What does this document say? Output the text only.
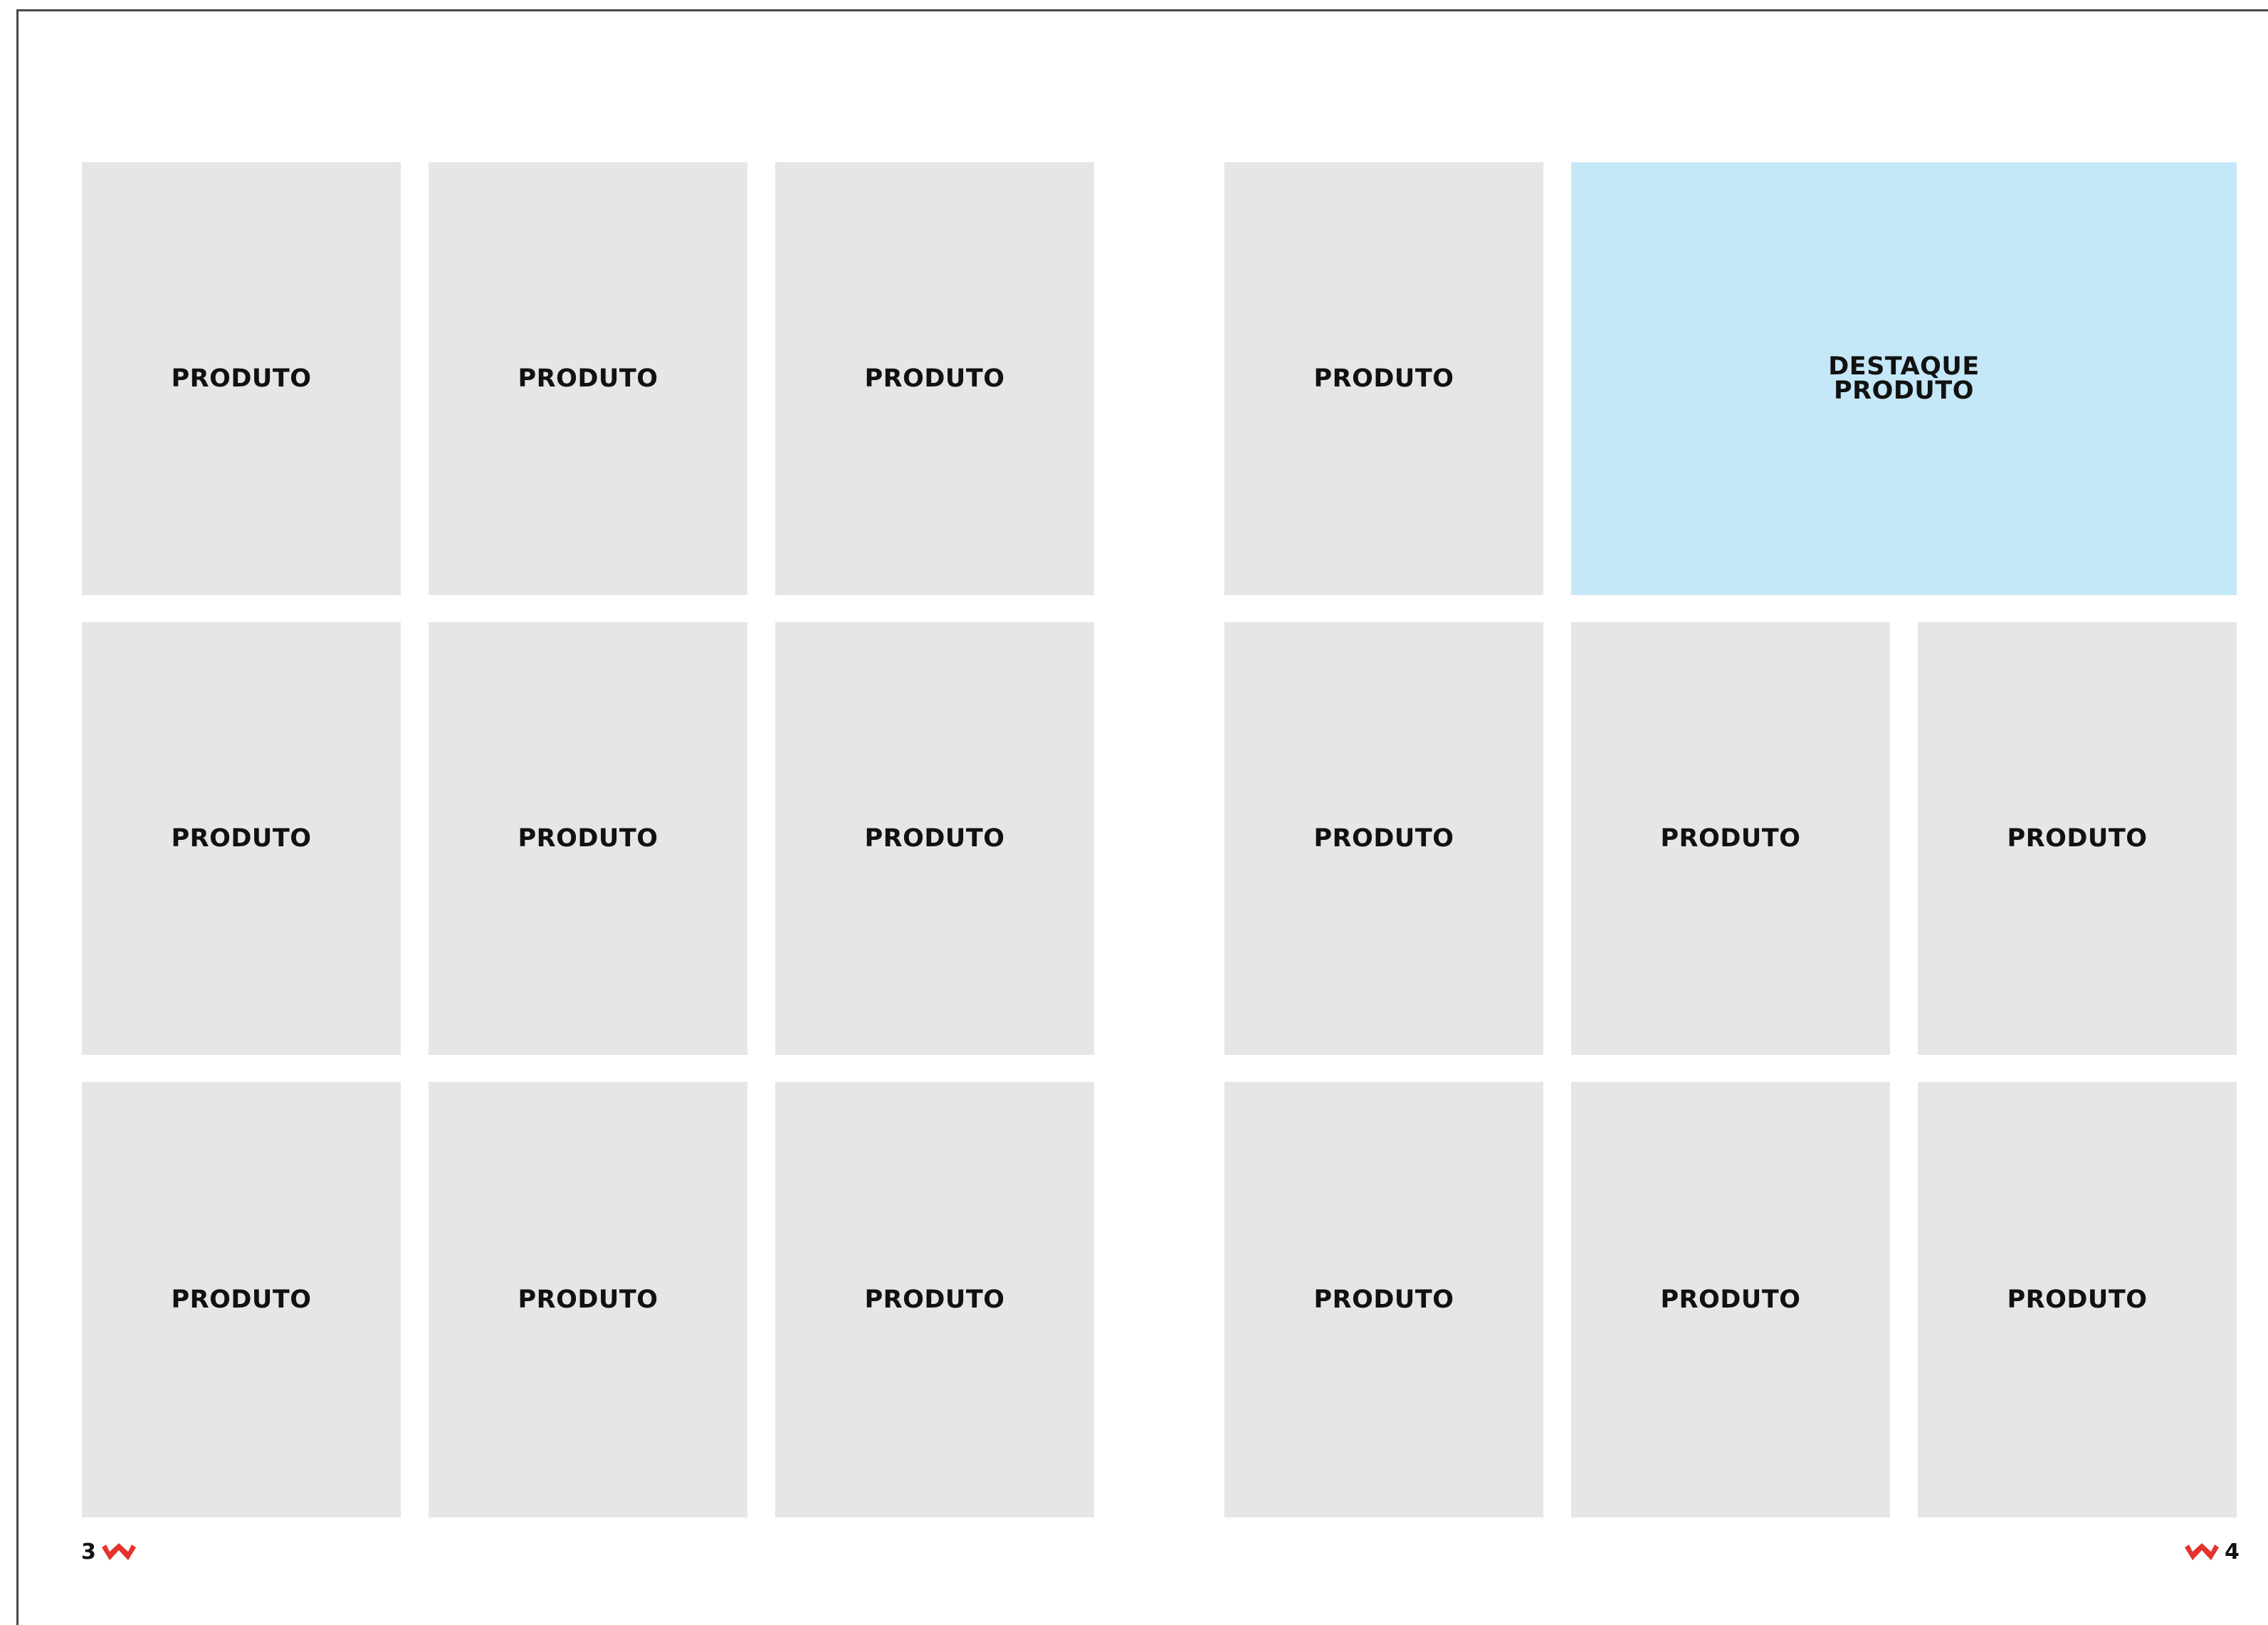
PRODUTO	PRODUTO	PRODUTO
PRODUTO	PRODUTO	PRODUTO
PRODUTO	PRODUTO	PRODUTO
PRODUTO	DESTAQUE
PRODUTO
PRODUTO	PRODUTO	PRODUTO
PRODUTO	PRODUTO	PRODUTO
3	4
